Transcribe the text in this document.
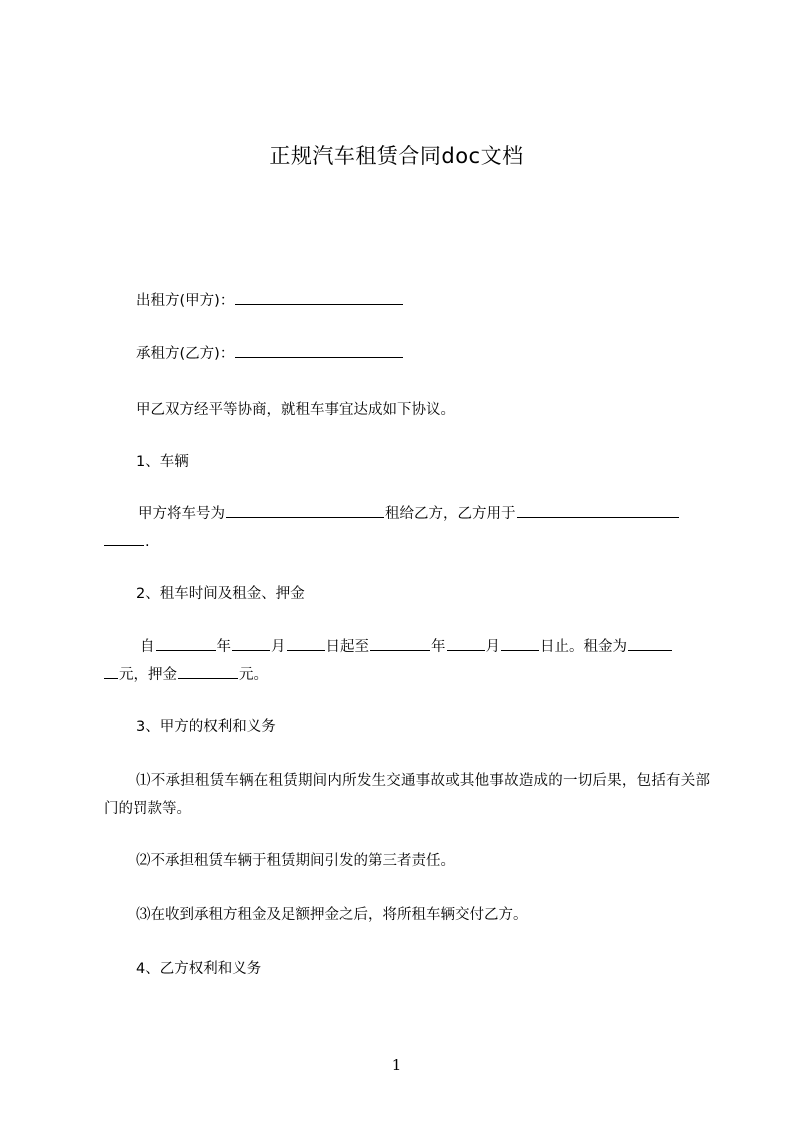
正规汽车租赁合同doc文档
出租方(甲方)：
承租方(乙方)：
甲乙双方经平等协商，就租车事宜达成如下协议。
1、车辆
甲方将车号为	租给乙方，乙方用于
.
2、租车时间及租金、押金
自	年	月	日起至	年	月	日止。租金为
元，押金	元。
3、甲方的权利和义务
⑴不承担租赁车辆在租赁期间内所发生交通事故或其他事故造成的一切后果，包括有关部门的罚款等。
⑵不承担租赁车辆于租赁期间引发的第三者责任。
⑶在收到承租方租金及足额押金之后，将所租车辆交付乙方。
4、乙方权利和义务
1
